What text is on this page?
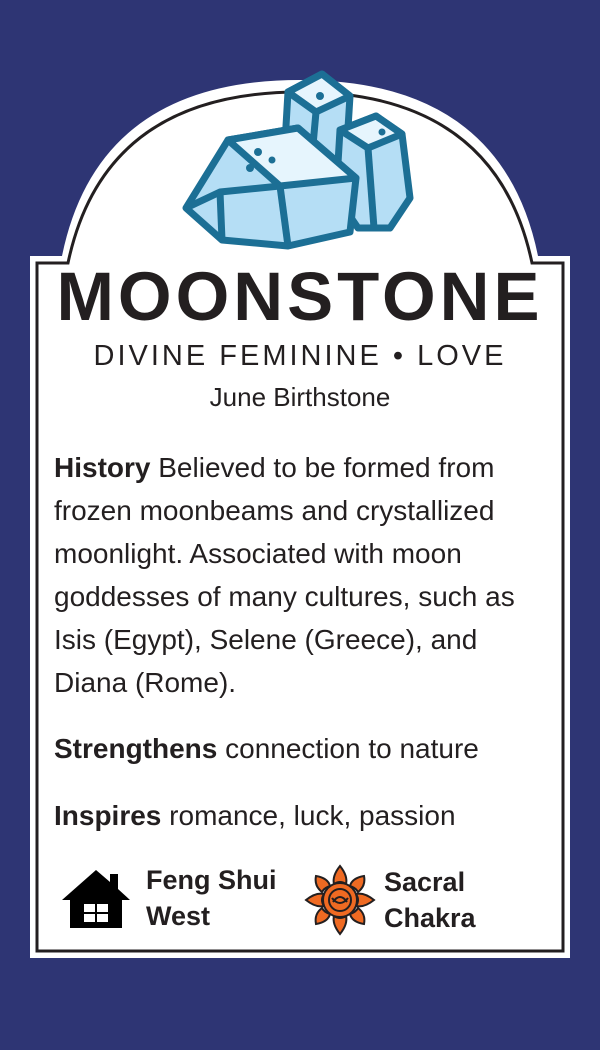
MOONSTONE
DIVINE FEMININE • LOVE
June Birthstone
History Believed to be formed from frozen moonbeams and crystallized moonlight. Associated with moon goddesses of many cultures, such as Isis (Egypt), Selene (Greece), and Diana (Rome).
Strengthens connection to nature
Inspires romance, luck, passion
Feng Shui
West
Sacral
Chakra
